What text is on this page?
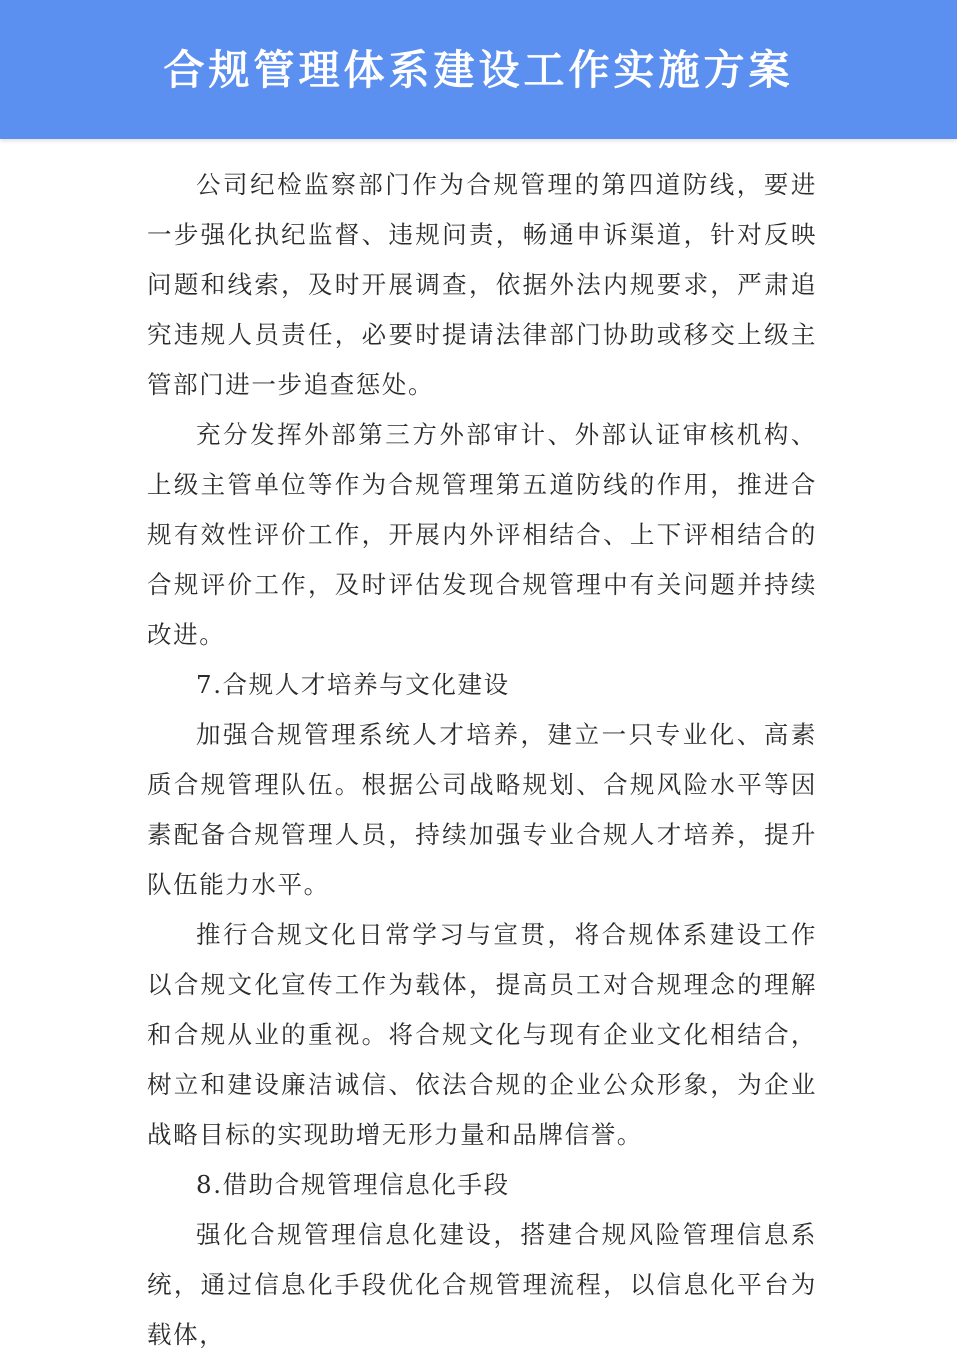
合规管理体系建设工作实施方案

公司纪检监察部门作为合规管理的第四道防线，要进一步强化执纪监督、违规问责，畅通申诉渠道，针对反映问题和线索，及时开展调查，依据外法内规要求，严肃追究违规人员责任，必要时提请法律部门协助或移交上级主管部门进一步追查惩处。

充分发挥外部第三方外部审计、外部认证审核机构、上级主管单位等作为合规管理第五道防线的作用，推进合规有效性评价工作，开展内外评相结合、上下评相结合的合规评价工作，及时评估发现合规管理中有关问题并持续改进。

7.合规人才培养与文化建设

加强合规管理系统人才培养，建立一只专业化、高素质合规管理队伍。根据公司战略规划、合规风险水平等因素配备合规管理人员，持续加强专业合规人才培养，提升队伍能力水平。

推行合规文化日常学习与宣贯，将合规体系建设工作以合规文化宣传工作为载体，提高员工对合规理念的理解和合规从业的重视。将合规文化与现有企业文化相结合，树立和建设廉洁诚信、依法合规的企业公众形象，为企业战略目标的实现助增无形力量和品牌信誉。

8.借助合规管理信息化手段

强化合规管理信息化建设，搭建合规风险管理信息系统，通过信息化手段优化合规管理流程，以信息化平台为载体，
